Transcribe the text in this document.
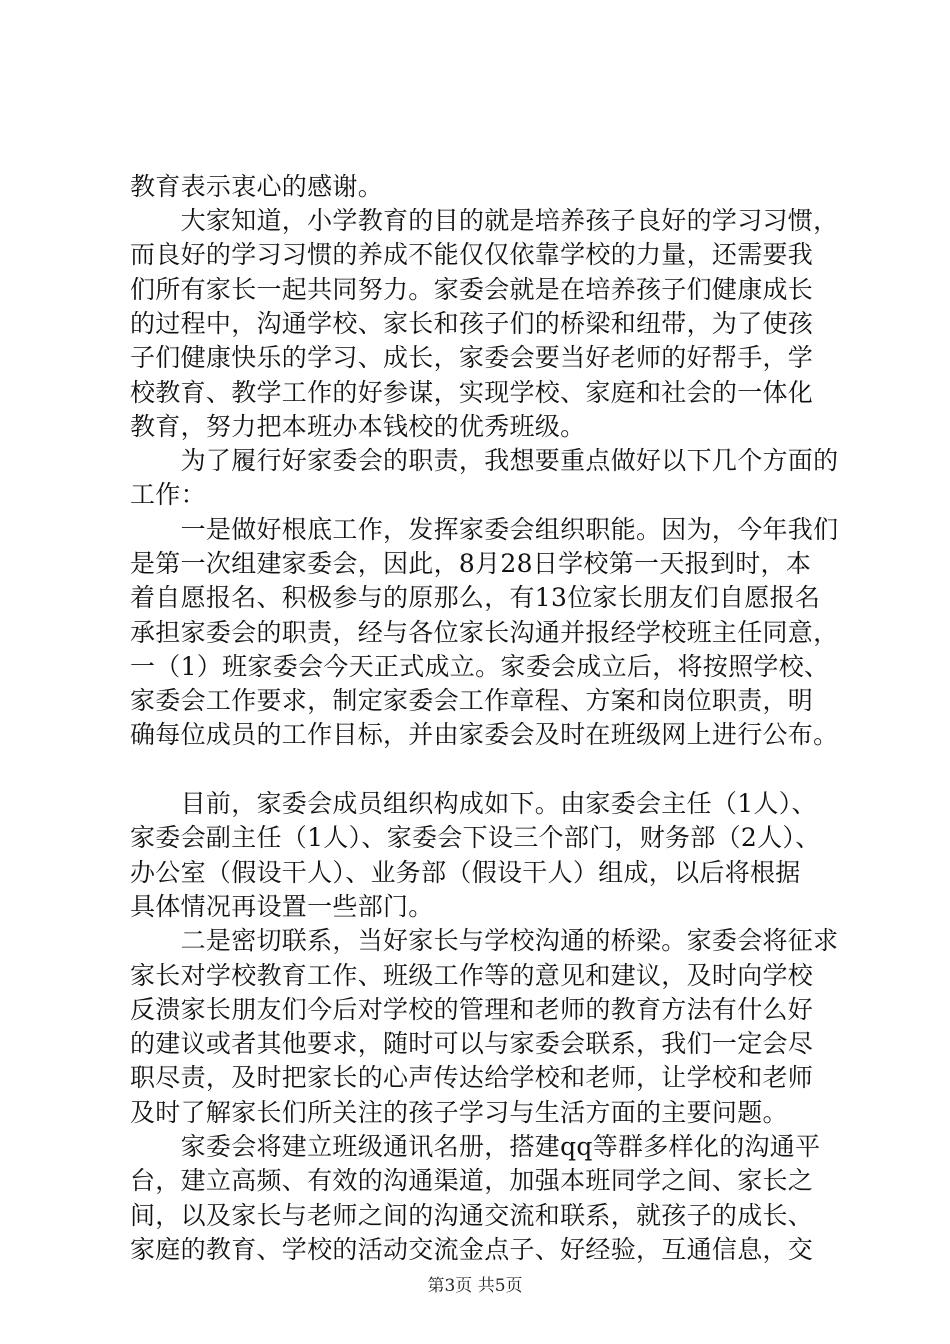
教育表示衷心的感谢。
　　大家知道，小学教育的目的就是培养孩子良好的学习习惯，
而良好的学习习惯的养成不能仅仅依靠学校的力量，还需要我
们所有家长一起共同努力。家委会就是在培养孩子们健康成长
的过程中，沟通学校、家长和孩子们的桥梁和纽带，为了使孩
子们健康快乐的学习、成长，家委会要当好老师的好帮手，学
校教育、教学工作的好参谋，实现学校、家庭和社会的一体化
教育，努力把本班办本钱校的优秀班级。
　　为了履行好家委会的职责，我想要重点做好以下几个方面的
工作：
　　一是做好根底工作，发挥家委会组织职能。因为，今年我们
是第一次组建家委会，因此，8月28日学校第一天报到时，本
着自愿报名、积极参与的原那么，有13位家长朋友们自愿报名
承担家委会的职责，经与各位家长沟通并报经学校班主任同意，
一（1）班家委会今天正式成立。家委会成立后，将按照学校、
家委会工作要求，制定家委会工作章程、方案和岗位职责，明
确每位成员的工作目标，并由家委会及时在班级网上进行公布。
　　目前，家委会成员组织构成如下。由家委会主任（1人）、
家委会副主任（1人）、家委会下设三个部门，财务部（2人）、
办公室（假设干人）、业务部（假设干人）组成，以后将根据
具体情况再设置一些部门。
　　二是密切联系，当好家长与学校沟通的桥梁。家委会将征求
家长对学校教育工作、班级工作等的意见和建议，及时向学校
反溃家长朋友们今后对学校的管理和老师的教育方法有什么好
的建议或者其他要求，随时可以与家委会联系，我们一定会尽
职尽责，及时把家长的心声传达给学校和老师，让学校和老师
及时了解家长们所关注的孩子学习与生活方面的主要问题。
　　家委会将建立班级通讯名册，搭建qq等群多样化的沟通平
台，建立高频、有效的沟通渠道，加强本班同学之间、家长之
间，以及家长与老师之间的沟通交流和联系，就孩子的成长、
家庭的教育、学校的活动交流金点子、好经验，互通信息，交
第3页 共5页
